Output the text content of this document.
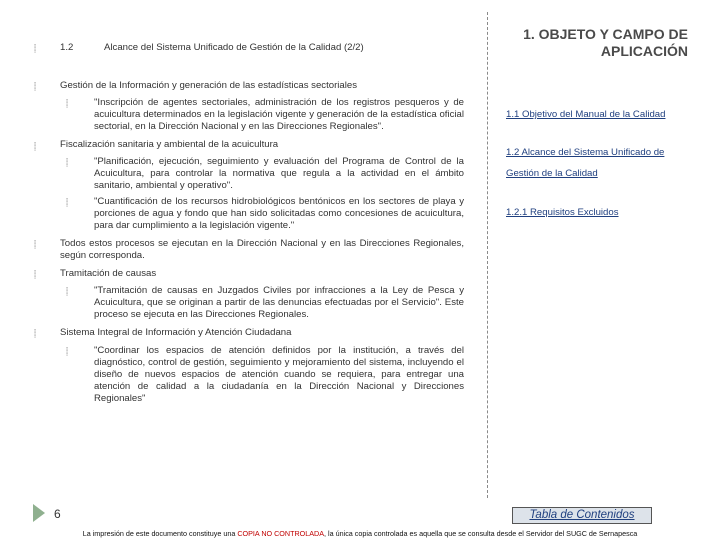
⸽ 1.2	Alcance del Sistema Unificado de Gestión de la Calidad (2/2)
1. OBJETO Y CAMPO DE
APLICACIÓN
⸽ Gestión de la Información y generación de las estadísticas sectoriales
⸽	"Inscripción de agentes sectoriales, administración de los registros pesqueros y de acuicultura determinados en la legislación vigente y generación de la estadística oficial sectorial, en la Dirección Nacional y en las Direcciones Regionales".
⸽ Fiscalización sanitaria y ambiental de la acuicultura
⸽	"Planificación, ejecución, seguimiento y evaluación del Programa de Control de la Acuicultura, para controlar la normativa que regula a la actividad en el ámbito sanitario, ambiental y operativo".
⸽	"Cuantificación de los recursos hidrobiológicos bentónicos en los sectores de playa y porciones de agua y fondo que han sido solicitadas como concesiones de acuicultura, para dar cumplimiento a la legislación vigente."
⸽ Todos estos procesos se ejecutan en la Dirección Nacional y en las Direcciones Regionales, según corresponda.
⸽ Tramitación de causas
⸽	"Tramitación de causas en Juzgados Civiles por infracciones a la Ley de Pesca y Acuicultura, que se originan a partir de las denuncias efectuadas por el Servicio". Este proceso se ejecuta en las Direcciones Regionales.
⸽ Sistema Integral de Información y Atención Ciudadana
⸽	"Coordinar los espacios de atención definidos por la institución, a través del diagnóstico, control de gestión, seguimiento y mejoramiento del sistema, incluyendo el diseño de nuevos espacios de atención cuando se requiera, para entregar una atención de calidad a la ciudadanía en la Dirección Nacional y Direcciones Regionales"
1.1 Objetivo del Manual de la Calidad
1.2 Alcance del Sistema Unificado de
Gestión de la Calidad
1.2.1 Requisitos Excluidos
6	Tabla de Contenidos
La impresión de este documento constituye una COPIA NO CONTROLADA, la única copia controlada es aquella que se consulta desde el Servidor del SUGC de Sernapesca
